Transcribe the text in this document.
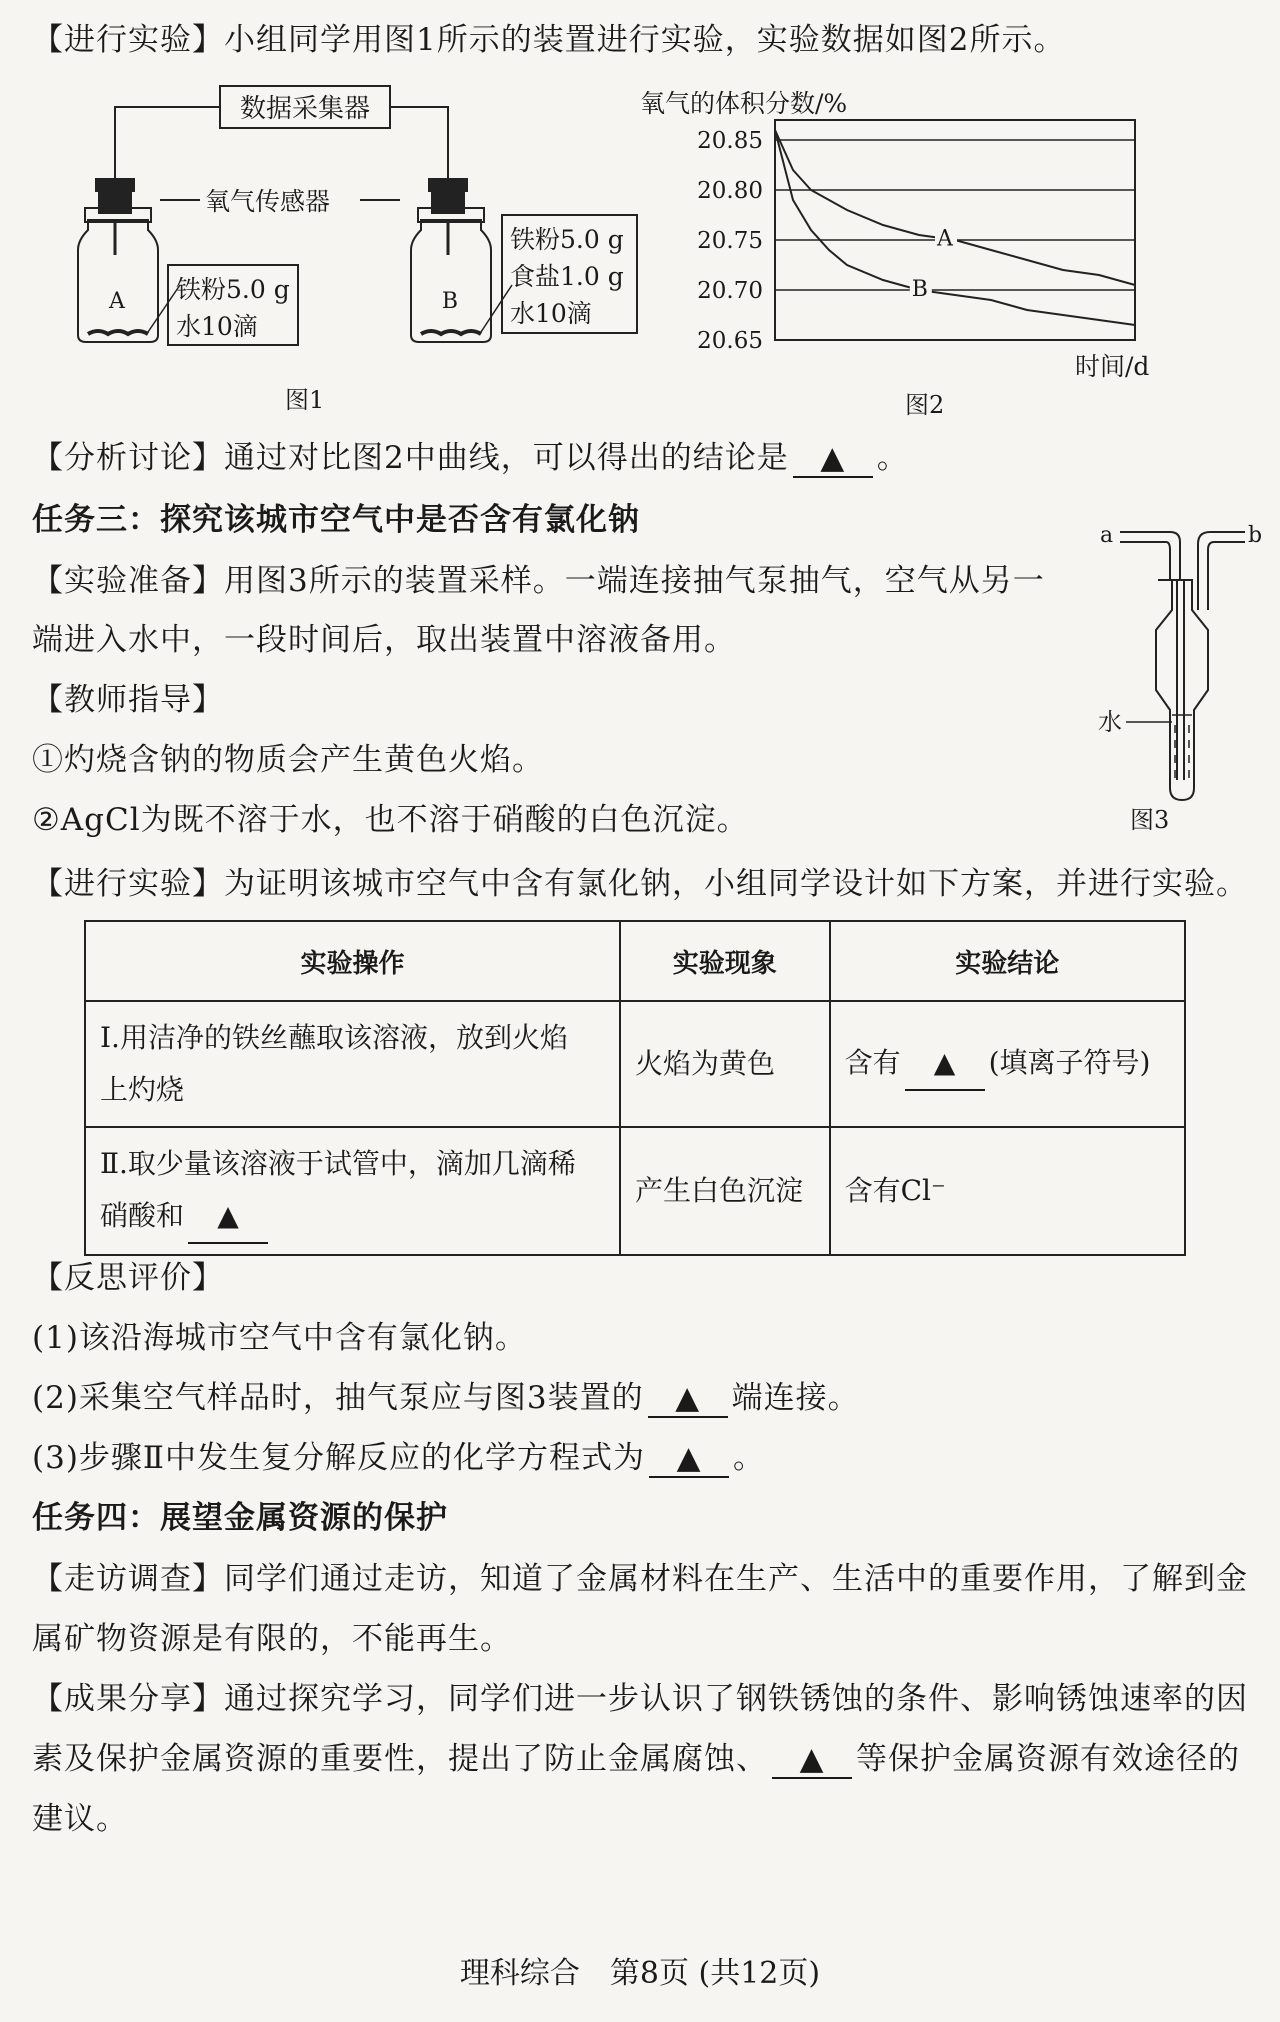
【进行实验】小组同学用图1所示的装置进行实验，实验数据如图2所示。
数据采集器
A 铁粉5.0 g
水10滴
氧气传感器
B
铁粉5.0 g
食盐1.0 g
水10滴
图1
氧气的体积分数/%
20.85
20.80
20.75
20.70
20.65
A
B
时间/d
图2
【分析讨论】通过对比图2中曲线，可以得出的结论是 ▲ 。
任务三：探究该城市空气中是否含有氯化钠
【实验准备】用图3所示的装置采样。一端连接抽气泵抽气，空气从另一
端进入水中，一段时间后，取出装置中溶液备用。
【教师指导】
①灼烧含钠的物质会产生黄色火焰。
②AgCl为既不溶于水，也不溶于硝酸的白色沉淀。
a	b
水
图3
【进行实验】为证明该城市空气中含有氯化钠，小组同学设计如下方案，并进行实验。
实验操作	实验现象	实验结论
Ⅰ.用洁净的铁丝蘸取该溶液，放到火焰
上灼烧	火焰为黄色	含有 ▲ (填离子符号)
Ⅱ.取少量该溶液于试管中，滴加几滴稀
硝酸和 ▲	产生白色沉淀	含有Cl⁻
【反思评价】
(1)该沿海城市空气中含有氯化钠。
(2)采集空气样品时，抽气泵应与图3装置的 ▲ 端连接。
(3)步骤Ⅱ中发生复分解反应的化学方程式为 ▲ 。
任务四：展望金属资源的保护
【走访调查】同学们通过走访，知道了金属材料在生产、生活中的重要作用，了解到金
属矿物资源是有限的，不能再生。
【成果分享】通过探究学习，同学们进一步认识了钢铁锈蚀的条件、影响锈蚀速率的因
素及保护金属资源的重要性，提出了防止金属腐蚀、 ▲ 等保护金属资源有效途径的
建议。
理科综合　第8页 (共12页)
